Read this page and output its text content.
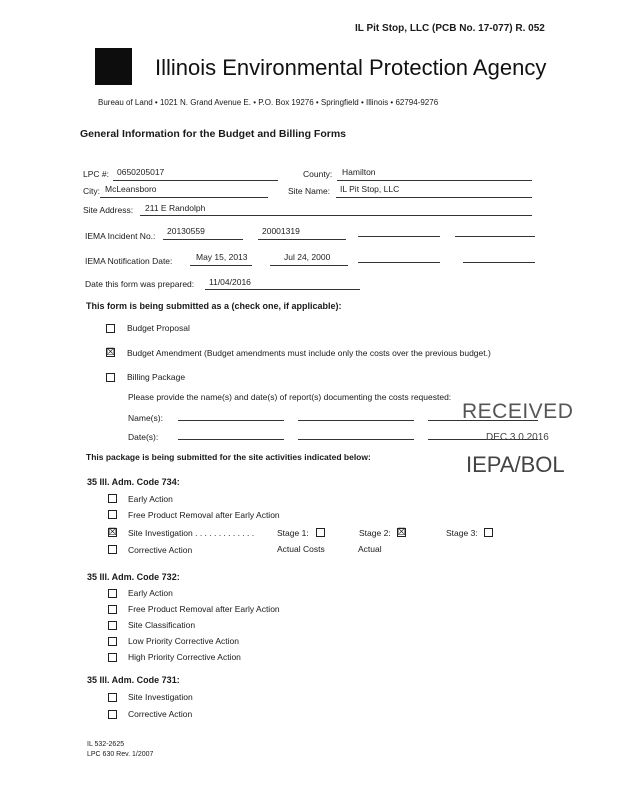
IL Pit Stop, LLC (PCB No. 17-077) R. 052
Illinois Environmental Protection Agency
Bureau of Land • 1021 N. Grand Avenue E. • P.O. Box 19276 • Springfield • Illinois • 62794-9276
General Information for the Budget and Billing Forms
LPC #: 0650205017	County: Hamilton
City: McLeansboro	Site Name: IL Pit Stop, LLC
Site Address: 211 E Randolph
IEMA Incident No.: 20130559	20001319
IEMA Notification Date:	May 15, 2013	Jul 24, 2000
Date this form was prepared: 11/04/2016
This form is being submitted as a (check one, if applicable):
Budget Proposal
☒ Budget Amendment (Budget amendments must include only the costs over the previous budget.)
Billing Package
Please provide the name(s) and date(s) of report(s) documenting the costs requested:
Name(s):
Date(s):
RECEIVED
DEC 3 0 2016
IEPA/BOL
This package is being submitted for the site activities indicated below:
35 Ill. Adm. Code 734:
Early Action
Free Product Removal after Early Action
☒ Site Investigation . . . . . . . . . . . . .	Stage 1:	Stage 2: ☒	Stage 3:
Corrective Action	Actual Costs	Actual
35 Ill. Adm. Code 732:
Early Action
Free Product Removal after Early Action
Site Classification
Low Priority Corrective Action
High Priority Corrective Action
35 Ill. Adm. Code 731:
Site Investigation
Corrective Action
IL 532-2625
LPC 630 Rev. 1/2007
